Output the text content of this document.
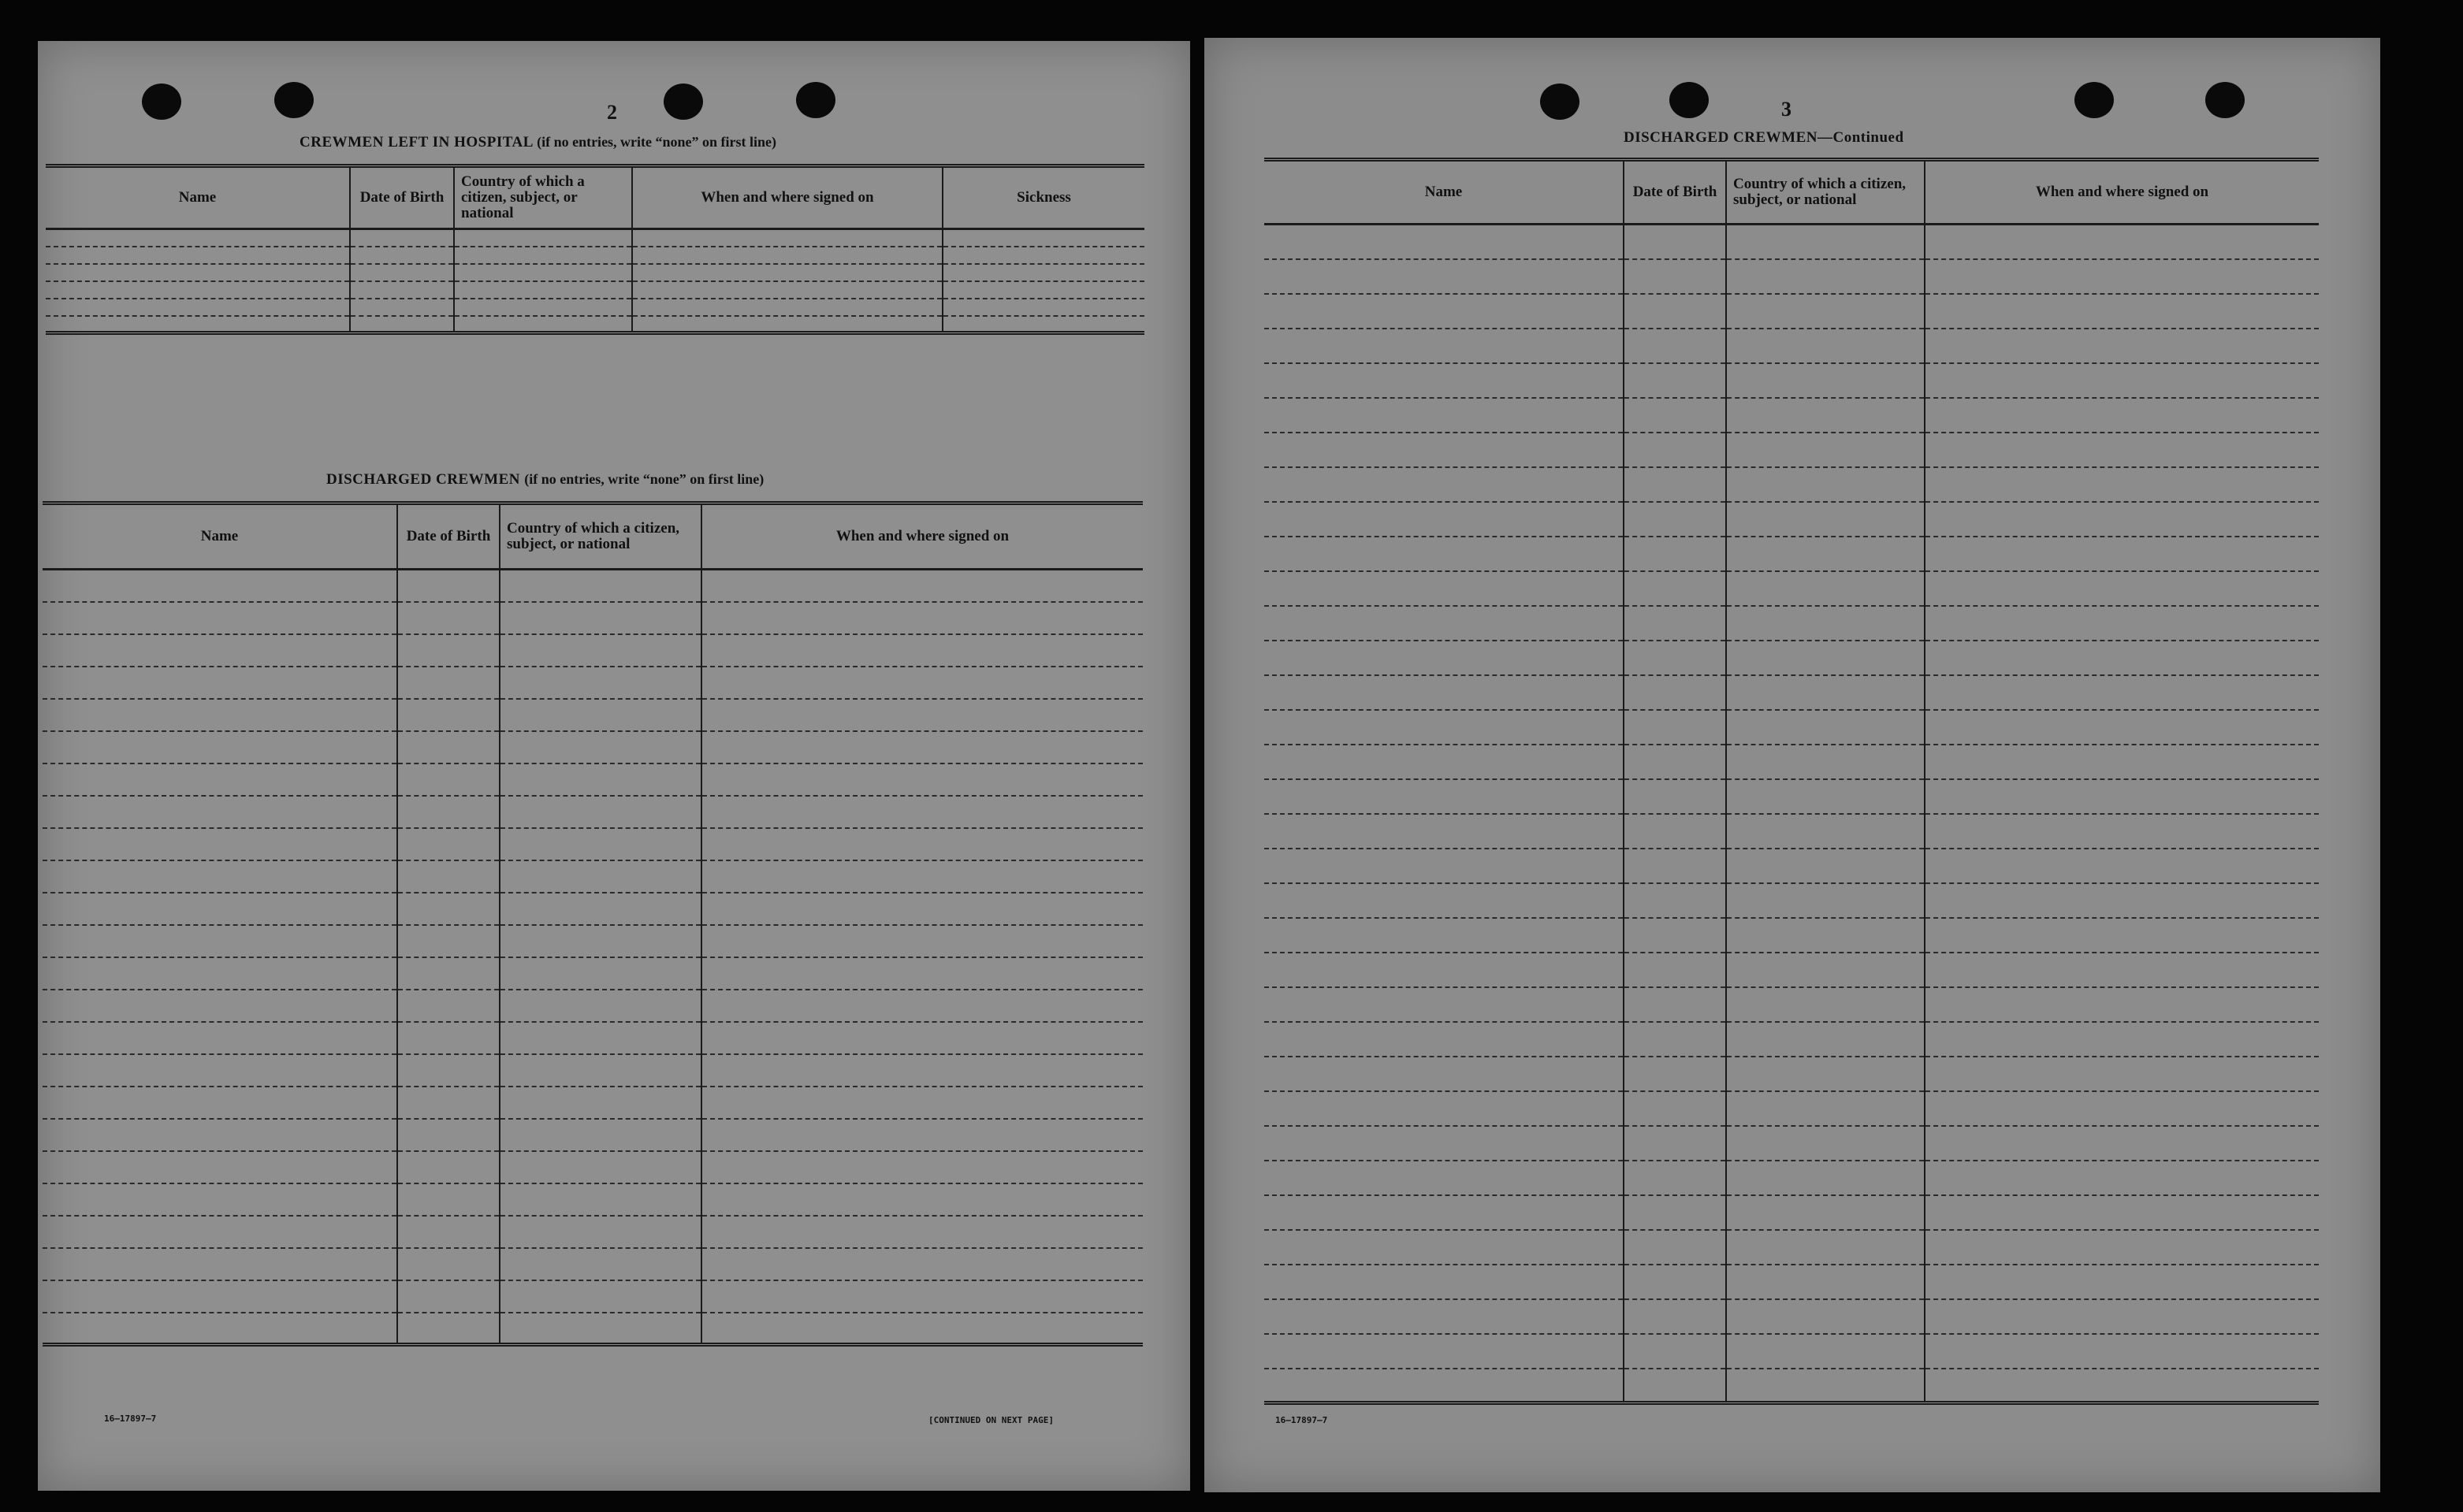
2
CREWMEN LEFT IN HOSPITAL (if no entries, write “none” on first line)
Name	Date of Birth	Country of which a citizen, subject, or national	When and where signed on	Sickness

DISCHARGED CREWMEN (if no entries, write “none” on first line)
Name	Date of Birth	Country of which a citizen, subject, or national	When and where signed on

16—17897—7	[CONTINUED ON NEXT PAGE]
3
DISCHARGED CREWMEN—Continued
Name	Date of Birth	Country of which a citizen, subject, or national	When and where signed on

16—17897—7
